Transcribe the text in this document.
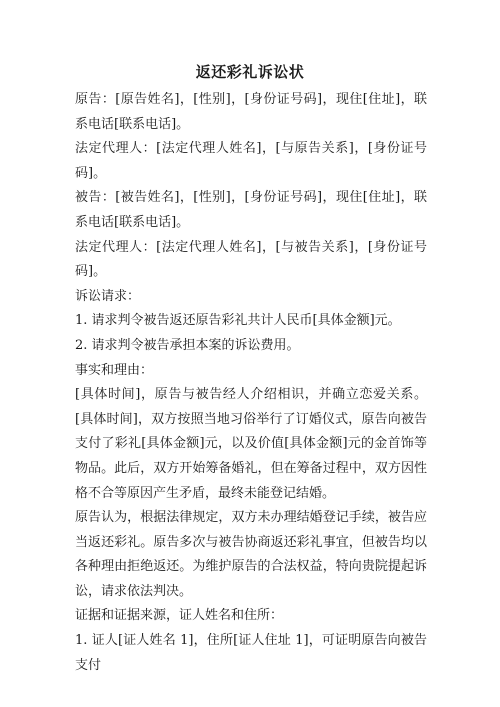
返还彩礼诉讼状

原告：[原告姓名]，[性别]，[身份证号码]，现住[住址]，联系电话[联系电话]。

法定代理人：[法定代理人姓名]，[与原告关系]，[身份证号码]。

被告：[被告姓名]，[性别]，[身份证号码]，现住[住址]，联系电话[联系电话]。

法定代理人：[法定代理人姓名]，[与被告关系]，[身份证号码]。

诉讼请求：

1. 请求判令被告返还原告彩礼共计人民币[具体金额]元。

2. 请求判令被告承担本案的诉讼费用。

事实和理由：

[具体时间]，原告与被告经人介绍相识，并确立恋爱关系。[具体时间]，双方按照当地习俗举行了订婚仪式，原告向被告支付了彩礼[具体金额]元，以及价值[具体金额]元的金首饰等物品。此后，双方开始筹备婚礼，但在筹备过程中，双方因性格不合等原因产生矛盾，最终未能登记结婚。

原告认为，根据法律规定，双方未办理结婚登记手续，被告应当返还彩礼。原告多次与被告协商返还彩礼事宜，但被告均以各种理由拒绝返还。为维护原告的合法权益，特向贵院提起诉讼，请求依法判决。

证据和证据来源，证人姓名和住所：

1. 证人[证人姓名 1]，住所[证人住址 1]，可证明原告向被告支付
